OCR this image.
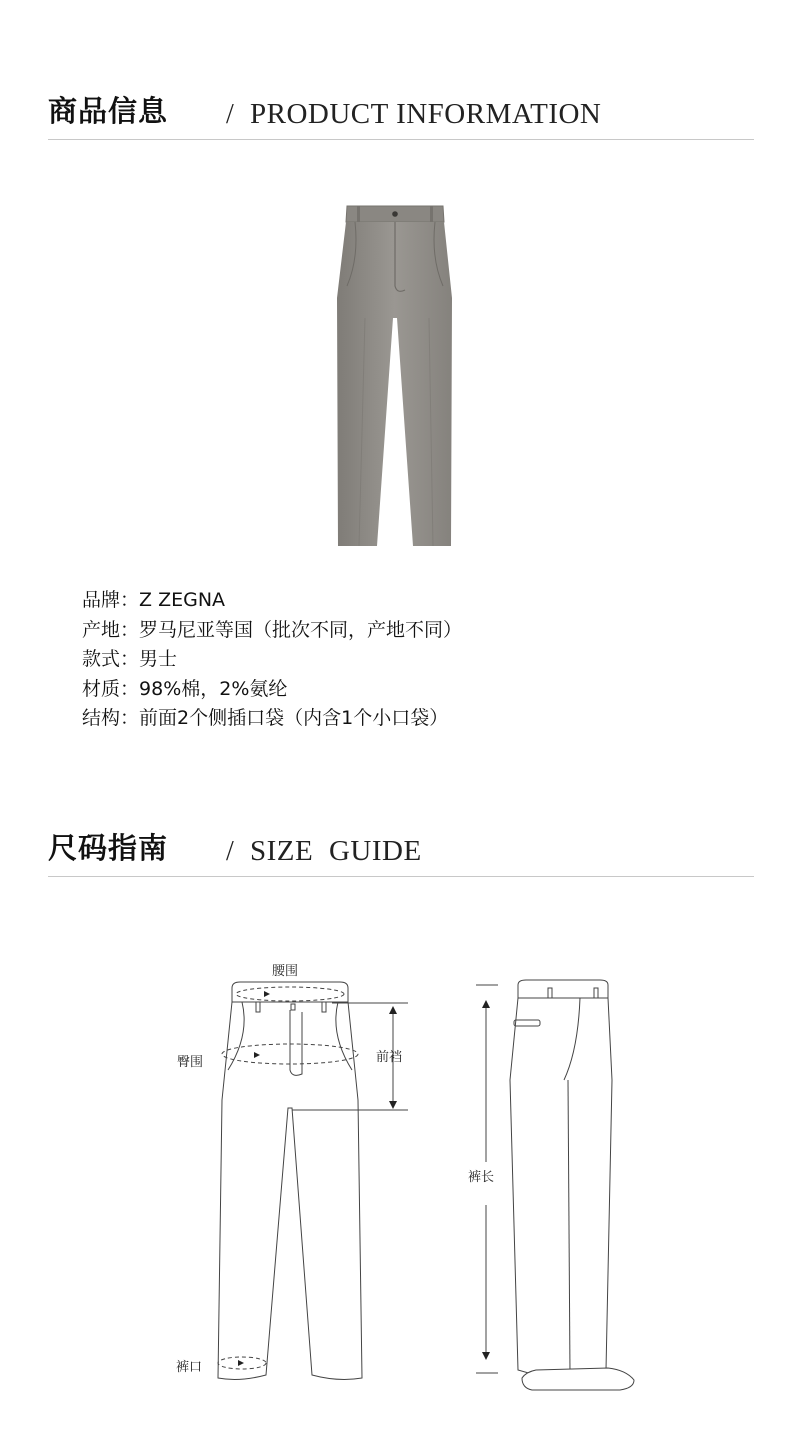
商品信息 / PRODUCT INFORMATION
品牌：Z ZEGNA
产地：罗马尼亚等国（批次不同，产地不同）
款式：男士
材质：98%棉，2%氨纶
结构：前面2个侧插口袋（内含1个小口袋）
尺码指南 / SIZE GUIDE
腰围
臀围	前裆
裤长
裤口
